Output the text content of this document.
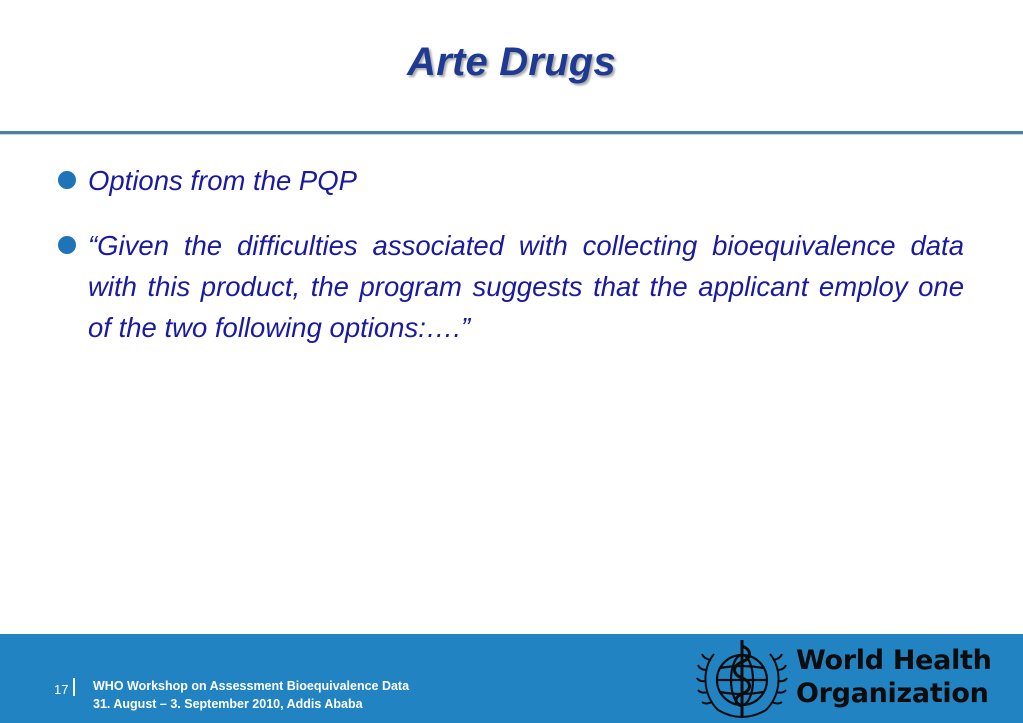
Arte Drugs
Options from the PQP
“Given the difficulties associated with collecting bioequivalence data with this product, the program suggests that the applicant employ one of the two following options:….”
17 WHO Workshop on Assessment Bioequivalence Data
31. August – 3. September 2010, Addis Ababa
World Health
Organization
